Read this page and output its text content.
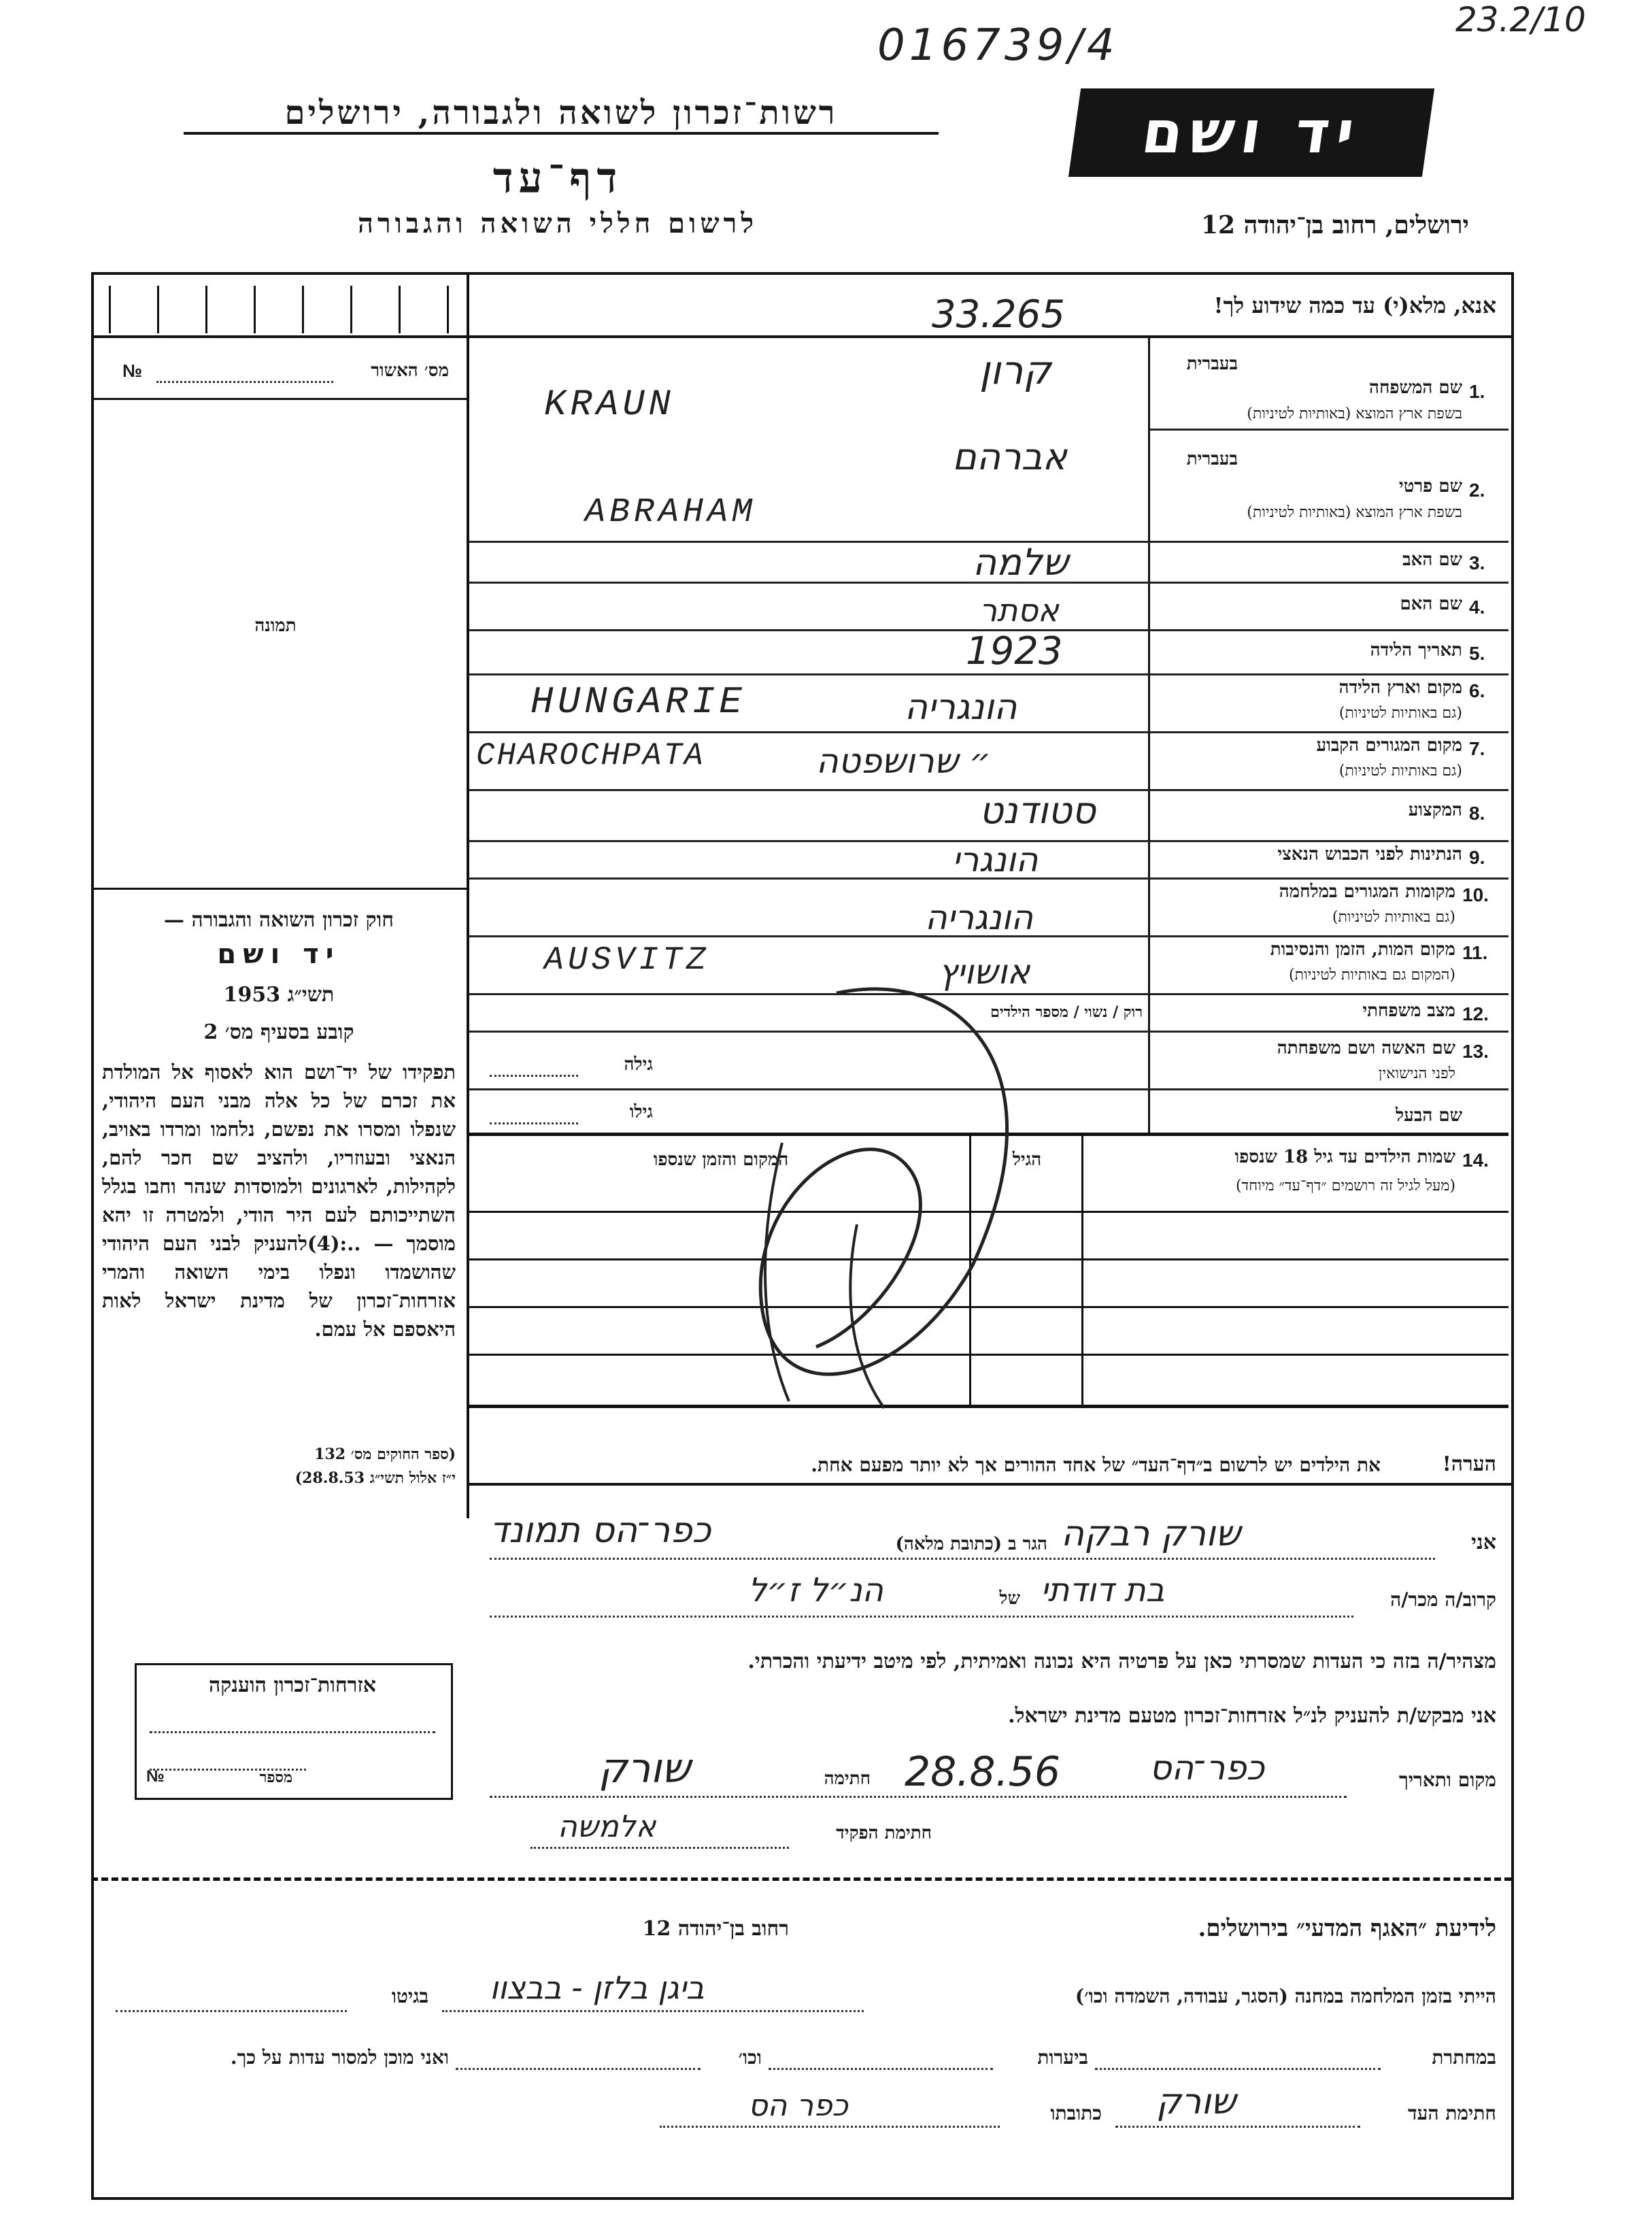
016739/4
23.2/10
רשות־זכרון לשואה ולגבורה, ירושלים
דף־עד
לרשום חללי השואה והגבורה
יד ושם
ירושלים, רחוב בן־יהודה 12
אנא, מלא(י) עד כמה שידוע לך!
33.265
מס׳ האשור
№
תמונה
חוק זכרון השואה והגבורה —
יד ושם
תשי״ג 1953
קובע בסעיף מס׳ 2
תפקידו של יד־ושם הוא לאסוף אל המולדת את זכרם של כל אלה מבני העם היהודי, שנפלו ומסרו את נפשם, נלחמו ומרדו באויב, הנאצי ובעוזריו, ולהציב שם חכר להם, לקהילות, לארגונים ולמוסדות שנהר וחבו בגלל השתייכותם לעם היר הודי, ולמטרה זו יהא מוסמך — ..:(4)להעניק לבני העם היהודי שהושמדו ונפלו בימי השואה והמרי אזרחות־זכרון של מדינת ישראל לאות היאספם אל עמם.
(ספר החוקים מס׳ 132
י״ז אלול תשי״ג 28.8.53)
בעברית
1.
שם המשפחה
בשפת ארץ המוצא (באותיות לטיניות)
קרון
KRAUN
בעברית
2.
שם פרטי
בשפת ארץ המוצא (באותיות לטיניות)
אברהם
ABRAHAM
3.
שם האב
שלמה
4.
שם האם
אסתר
5.
תאריך הלידה
1923
6.
מקום וארץ הלידה
(גם באותיות לטיניות)
הונגריה
HUNGARIE
7.
מקום המגורים הקבוע
(גם באותיות לטיניות)
״ שרושפטה
CHAROCHPATA
8.
המקצוע
סטודנט
9.
הנתינות לפני הכבוש הנאצי
הונגרי
10.
מקומות המגורים במלחמה
(גם באותיות לטיניות)
הונגריה
11.
מקום המות, הזמן והנסיבות
(המקום גם באותיות לטיניות)
אושויץ
AUSVITZ
12.
מצב משפחתי
רוק / נשוי / מספר הילדים
13.
שם האשה ושם משפחתה
לפני הנישואין
גילה
שם הבעל
גילו
14.
שמות הילדים עד גיל 18 שנספו
(מעל לגיל זה רושמים ״דף־עד״ מיוחד)
הגיל
המקום והזמן שנספו
הערה!
את הילדים יש לרשום ב״דף־העד״ של אחד ההורים אך לא יותר מפעם אחת.
אני
שורק רבקה
הגר ב (כתובת מלאה)
כפר־הס תמונד
קרוב/ה מכר/ה
בת דודתי
של
הנ״ל ז״ל
מצהיר/ה בזה כי העדות שמסרתי כאן על פרטיה היא נכונה ואמיתית, לפי מיטב ידיעתי והכרתי.
אני מבקש/ת להעניק לנ״ל אזרחות־זכרון מטעם מדינת ישראל.
מקום ותאריך
כפר־הס
28.8.56
חתימה
שורק
חתימת הפקיד
אלמשה
אזרחות־זכרון הוענקה
מספר
№
לידיעת ״האגף המדעי״ בירושלים.
רחוב בן־יהודה 12
הייתי בזמן המלחמה במחנה (הסגר, עבודה, השמדה וכו׳)
ביגן בלזן - בבצוו
בגיטו
במחתרת
ביערות
וכו׳
ואני מוכן למסור עדות על כך.
חתימת העד
שורק
כתובתו
כפר הס
